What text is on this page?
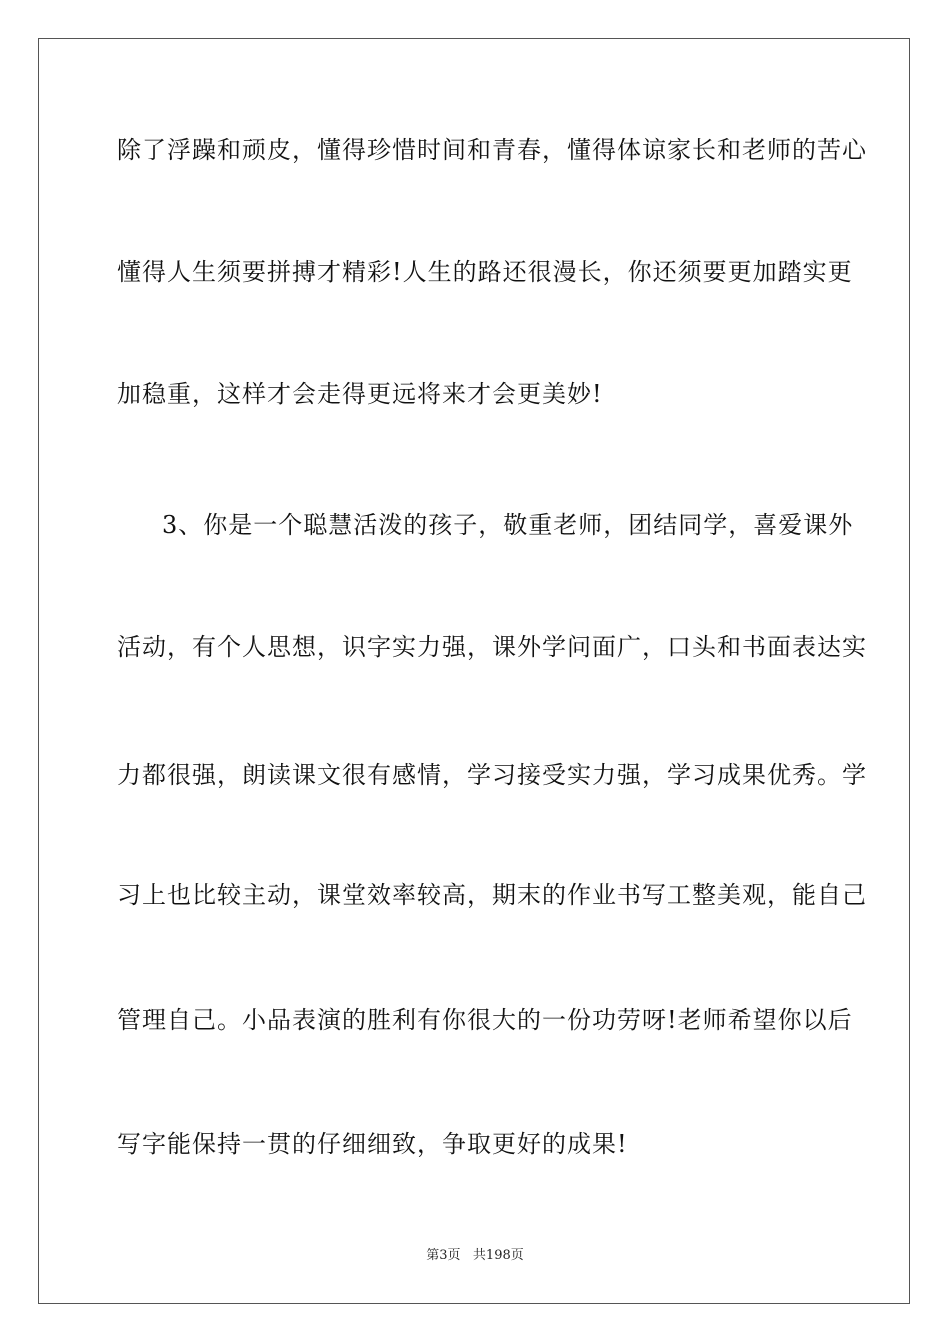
除了浮躁和顽皮，懂得珍惜时间和青春，懂得体谅家长和老师的苦心
懂得人生须要拼搏才精彩!人生的路还很漫长，你还须要更加踏实更
加稳重，这样才会走得更远将来才会更美妙!
3、你是一个聪慧活泼的孩子，敬重老师，团结同学，喜爱课外
活动，有个人思想，识字实力强，课外学问面广，口头和书面表达实
力都很强，朗读课文很有感情，学习接受实力强，学习成果优秀。学
习上也比较主动，课堂效率较高，期末的作业书写工整美观，能自己
管理自己。小品表演的胜利有你很大的一份功劳呀!老师希望你以后
写字能保持一贯的仔细细致，争取更好的成果!
第3页   共198页
